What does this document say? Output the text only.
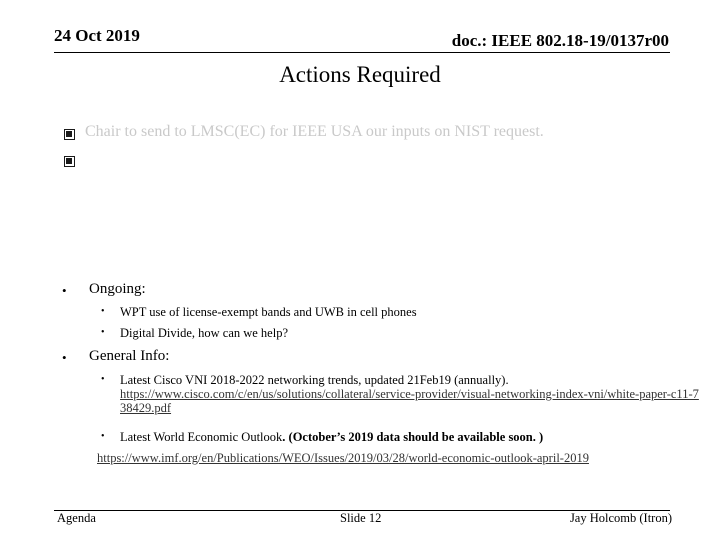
24 Oct 2019	doc.: IEEE 802.18-19/0137r00
Actions Required
Chair to send to LMSC(EC) for IEEE USA our inputs on NIST request.
• Ongoing:
• WPT use of license-exempt bands and UWB in cell phones
• Digital Divide, how can we help?
• General Info:
• Latest Cisco VNI 2018-2022 networking trends, updated 21Feb19 (annually).
https://www.cisco.com/c/en/us/solutions/collateral/service-provider/visual-networking-index-vni/white-paper-c11-738429.pdf
• Latest World Economic Outlook. (October’s 2019 data should be available soon. )
https://www.imf.org/en/Publications/WEO/Issues/2019/03/28/world-economic-outlook-april-2019
Agenda	Slide 12	Jay Holcomb (Itron)
